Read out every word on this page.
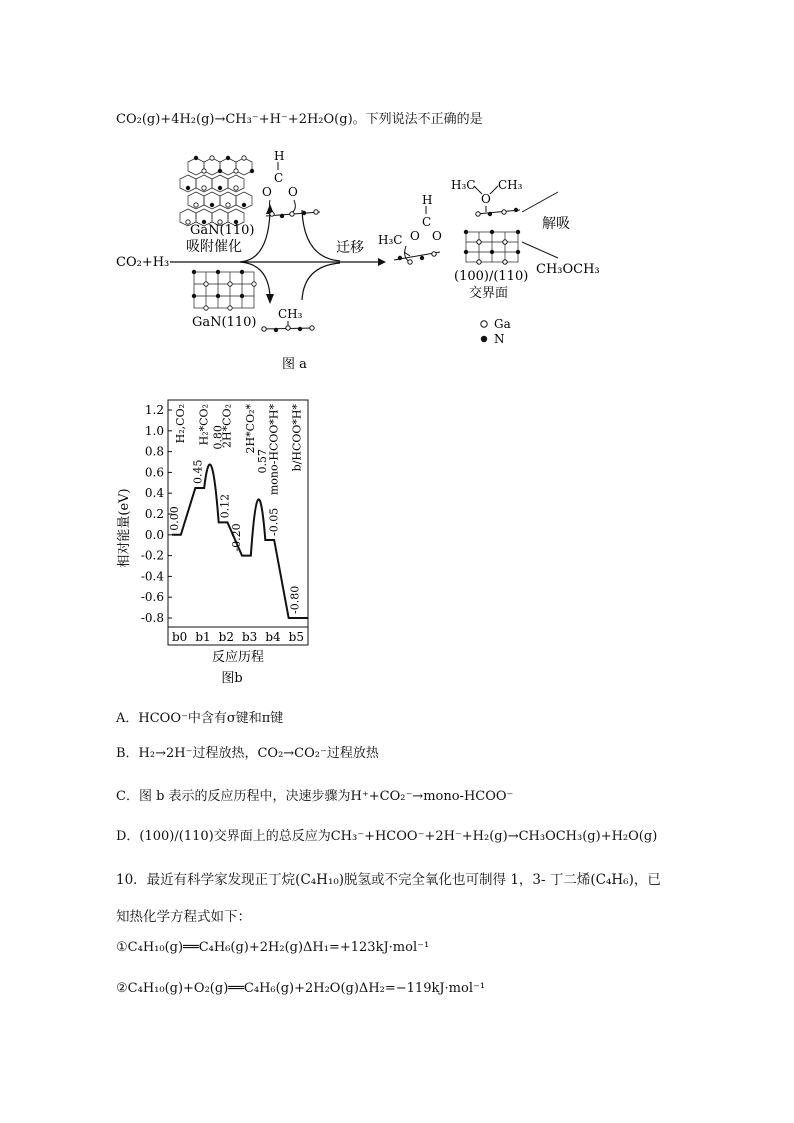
CO₂(g)+4H₂(g)→CH₃⁻+H⁻+2H₂O(g)。下列说法不正确的是
GaN(110)
吸附催化
GaN(110)
CO₂+H₃
迁移
H
C
O O
CH₃
H₃C
H
C
O O
H₃C CH₃
O
(100)/(110)
交界面
解吸
CH₃OCH₃
Ga
N
图 a
相对能量(eV)
1.2
1.0
0.8
0.6
0.4
0.2
0.0
-0.2
-0.4
-0.6
-0.8
b0 b1 b2 b3 b4 b5
0.00
0.45
0.80
0.12
-0.20
0.57
-0.05
-0.80
H₂,CO₂ H₂*CO₂ 2H*CO₂ 2H*CO₂* mono-HCOO*H* b/HCOO*H*
反应历程
图b
A．HCOO⁻中含有σ键和π键
B．H₂→2H⁻过程放热，CO₂→CO₂⁻过程放热
C．图 b 表示的反应历程中，决速步骤为H⁺+CO₂⁻→mono-HCOO⁻
D．(100)/(110)交界面上的总反应为CH₃⁻+HCOO⁻+2H⁻+H₂(g)→CH₃OCH₃(g)+H₂O(g)
10．最近有科学家发现正丁烷(C₄H₁₀)脱氢或不完全氧化也可制得 1，3- 丁二烯(C₄H₆)，已
知热化学方程式如下：
①C₄H₁₀(g)══C₄H₆(g)+2H₂(g)ΔH₁=+123kJ·mol⁻¹
②C₄H₁₀(g)+O₂(g)══C₄H₆(g)+2H₂O(g)ΔH₂=−119kJ·mol⁻¹
